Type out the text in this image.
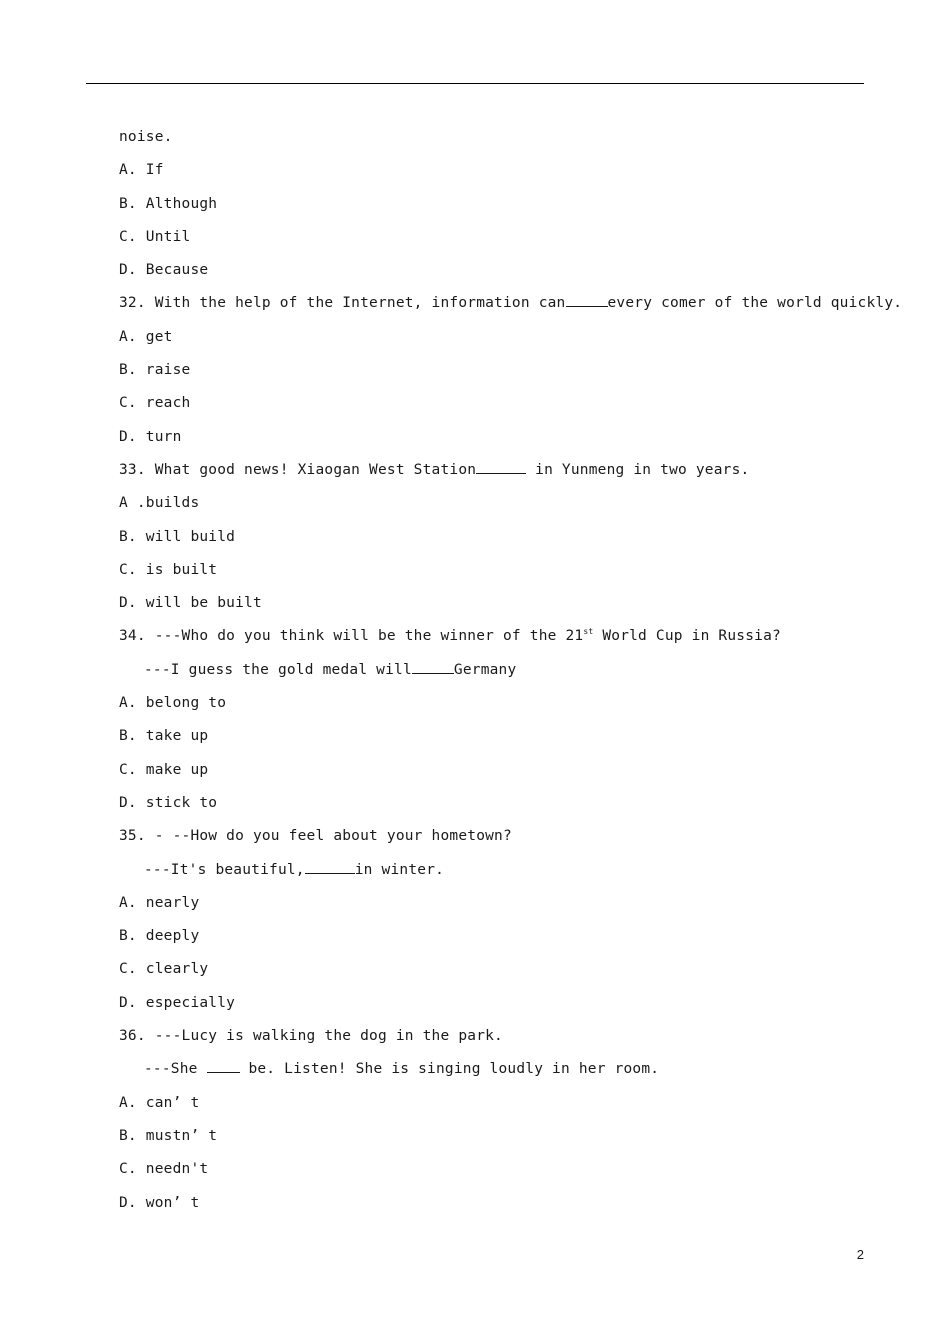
noise.
A. If
B. Although
C. Until
D. Because
32. With the help of the Internet, information can	every comer of the world quickly.
A. get
B. raise
C. reach
D. turn
33. What good news! Xiaogan West Station	in Yunmeng in two years.
A .builds
B. will build
C. is built
D. will be built
34. ---Who do you think will be the winner of the 21st World Cup in Russia?
---I guess the gold medal will	Germany
A. belong to
B. take up
C. make up
D. stick to
35. - --How do you feel about your hometown?
---It's beautiful,	in winter.
A. nearly
B. deeply
C. clearly
D. especially
36. ---Lucy is walking the dog in the park.
---She  be. Listen! She is singing loudly in her room.
A. can’ t
B. mustn’ t
C. needn't
D. won’ t
2
